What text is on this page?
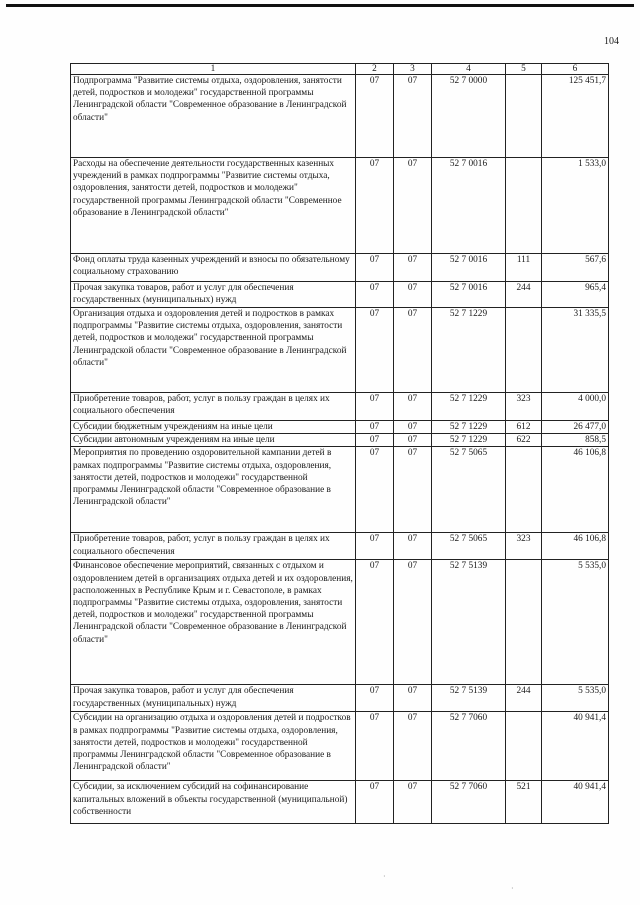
104
1	2	3	4	5	6
Подпрограмма "Развитие системы отдыха, оздоровления, занятости детей, подростков и молодежи" государственной программы Ленинградской области "Современное образование в Ленинградской области"	07	07	52 7 0000		125 451,7
Расходы на обеспечение деятельности государственных казенных учреждений в рамках подпрограммы "Развитие системы отдыха, оздоровления, занятости детей, подростков и молодежи" государственной программы Ленинградской области "Современное образование в Ленинградской области"	07	07	52 7 0016		1 533,0
Фонд оплаты труда казенных учреждений и взносы по обязательному социальному страхованию	07	07	52 7 0016	111	567,6
Прочая закупка товаров, работ и услуг для обеспечения государственных (муниципальных) нужд	07	07	52 7 0016	244	965,4
Организация отдыха и оздоровления детей и подростков в рамках подпрограммы "Развитие системы отдыха, оздоровления, занятости детей, подростков и молодежи" государственной программы Ленинградской области "Современное образование в Ленинградской области"	07	07	52 7 1229		31 335,5
Приобретение товаров, работ, услуг в пользу граждан в целях их социального обеспечения	07	07	52 7 1229	323	4 000,0
Субсидии бюджетным учреждениям на иные цели	07	07	52 7 1229	612	26 477,0
Субсидии автономным учреждениям на иные цели	07	07	52 7 1229	622	858,5
Мероприятия по проведению оздоровительной кампании детей в рамках подпрограммы "Развитие системы отдыха, оздоровления, занятости детей, подростков и молодежи" государственной программы Ленинградской области "Современное образование в Ленинградской области"	07	07	52 7 5065		46 106,8
Приобретение товаров, работ, услуг в пользу граждан в целях их социального обеспечения	07	07	52 7 5065	323	46 106,8
Финансовое обеспечение мероприятий, связанных с отдыхом и оздоровлением детей в организациях отдыха детей и их оздоровления, расположенных в Республике Крым и г. Севастополе, в рамках подпрограммы "Развитие системы отдыха, оздоровления, занятости детей, подростков и молодежи" государственной программы Ленинградской области "Современное образование в Ленинградской области"	07	07	52 7 5139		5 535,0
Прочая закупка товаров, работ и услуг для обеспечения государственных (муниципальных) нужд	07	07	52 7 5139	244	5 535,0
Субсидии на организацию отдыха и оздоровления детей и подростков в рамках подпрограммы "Развитие системы отдыха, оздоровления, занятости детей, подростков и молодежи" государственной программы Ленинградской области "Современное образование в Ленинградской области"	07	07	52 7 7060		40 941,4
Субсидии, за исключением субсидий на софинансирование капитальных вложений в объекты государственной (муниципальной) собственности	07	07	52 7 7060	521	40 941,4
·
·
